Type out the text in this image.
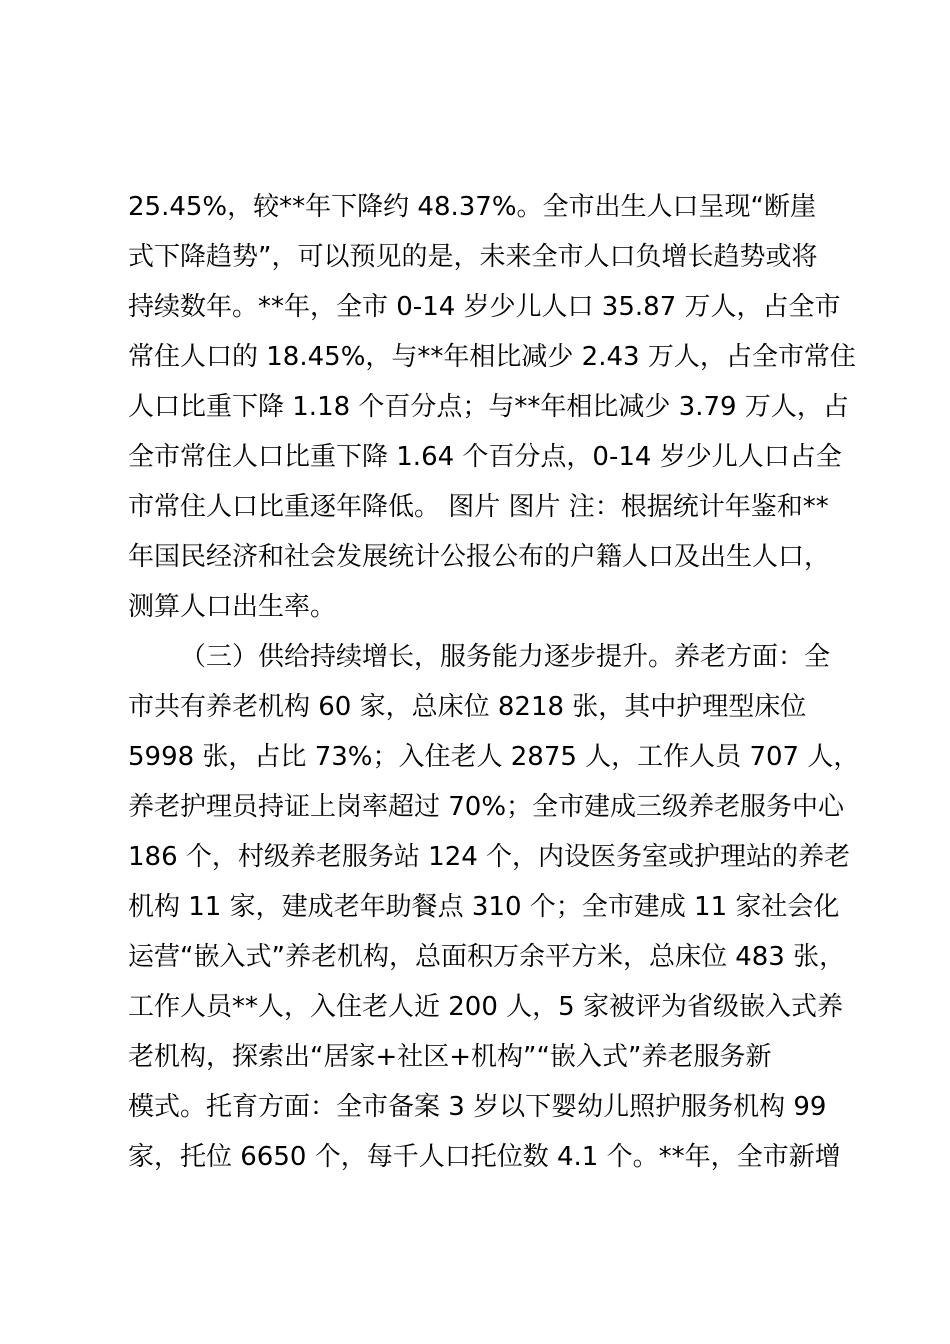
25.45%，较**年下降约 48.37%。全市出生人口呈现“断崖
式下降趋势”，可以预见的是，未来全市人口负增长趋势或将
持续数年。**年，全市 0-14 岁少儿人口 35.87 万人，占全市
常住人口的 18.45%，与**年相比减少 2.43 万人，占全市常住
人口比重下降 1.18 个百分点；与**年相比减少 3.79 万人，占
全市常住人口比重下降 1.64 个百分点，0-14 岁少儿人口占全
市常住人口比重逐年降低。 图片 图片 注：根据统计年鉴和**
年国民经济和社会发展统计公报公布的户籍人口及出生人口，
测算人口出生率。
（三）供给持续增长，服务能力逐步提升。养老方面：全
市共有养老机构 60 家，总床位 8218 张，其中护理型床位
5998 张，占比 73%；入住老人 2875 人，工作人员 707 人，
养老护理员持证上岗率超过 70%；全市建成三级养老服务中心
186 个，村级养老服务站 124 个，内设医务室或护理站的养老
机构 11 家，建成老年助餐点 310 个；全市建成 11 家社会化
运营“嵌入式”养老机构，总面积万余平方米，总床位 483 张，
工作人员**人，入住老人近 200 人，5 家被评为省级嵌入式养
老机构，探索出“居家+社区+机构”“嵌入式”养老服务新
模式。托育方面：全市备案 3 岁以下婴幼儿照护服务机构 99
家，托位 6650 个，每千人口托位数 4.1 个。**年，全市新增
